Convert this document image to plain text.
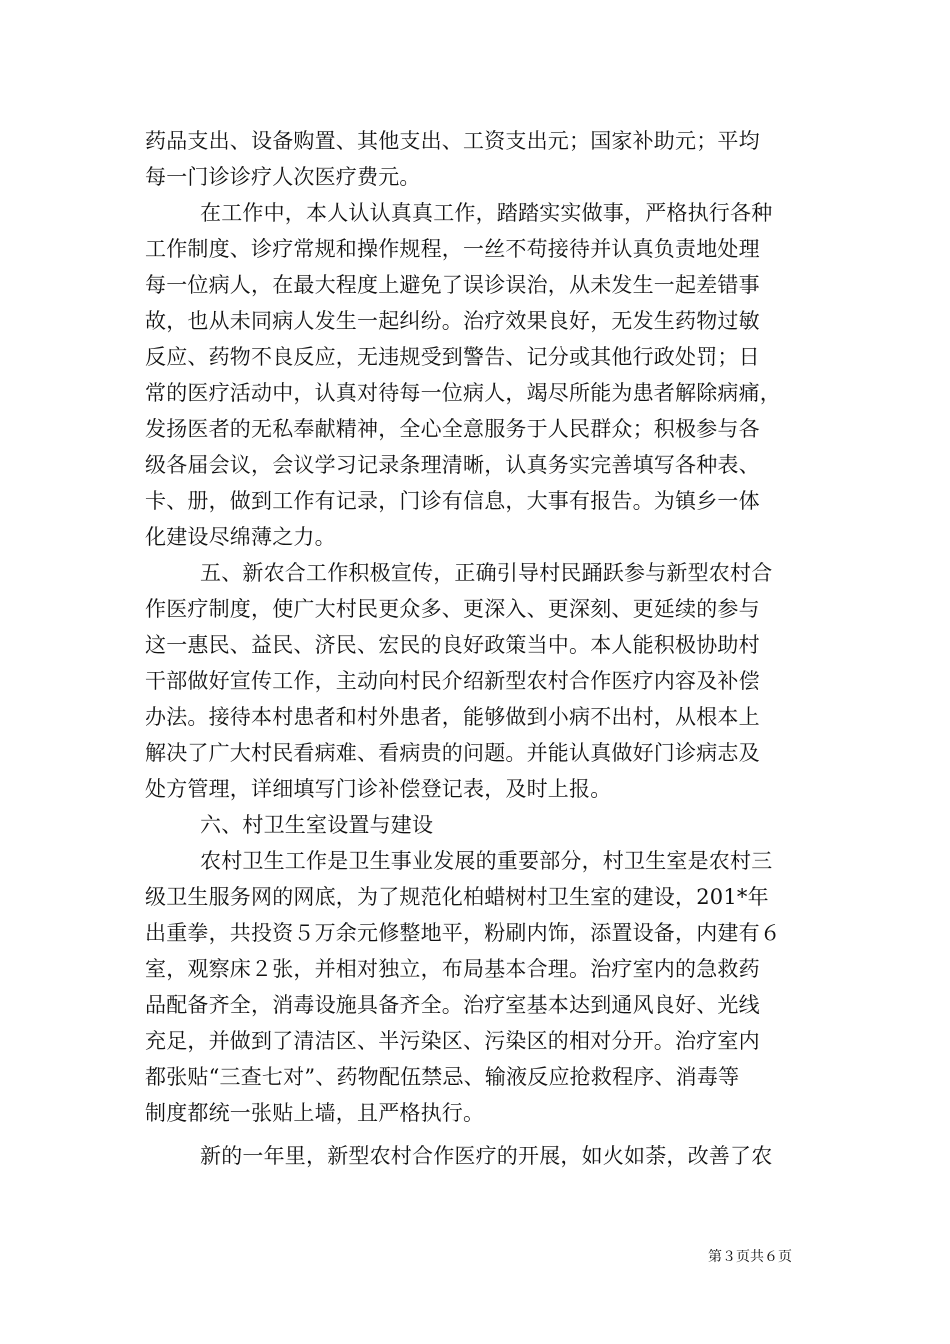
药品支出、设备购置、其他支出、工资支出元；国家补助元；平均
每一门诊诊疗人次医疗费元。
在工作中，本人认认真真工作，踏踏实实做事，严格执行各种
工作制度、诊疗常规和操作规程，一丝不苟接待并认真负责地处理
每一位病人，在最大程度上避免了误诊误治，从未发生一起差错事
故，也从未同病人发生一起纠纷。治疗效果良好，无发生药物过敏
反应、药物不良反应，无违规受到警告、记分或其他行政处罚；日
常的医疗活动中，认真对待每一位病人，竭尽所能为患者解除病痛，
发扬医者的无私奉献精神，全心全意服务于人民群众；积极参与各
级各届会议，会议学习记录条理清晰，认真务实完善填写各种表、
卡、册，做到工作有记录，门诊有信息，大事有报告。为镇乡一体
化建设尽绵薄之力。
五、新农合工作积极宣传，正确引导村民踊跃参与新型农村合
作医疗制度，使广大村民更众多、更深入、更深刻、更延续的参与
这一惠民、益民、济民、宏民的良好政策当中。本人能积极协助村
干部做好宣传工作，主动向村民介绍新型农村合作医疗内容及补偿
办法。接待本村患者和村外患者，能够做到小病不出村，从根本上
解决了广大村民看病难、看病贵的问题。并能认真做好门诊病志及
处方管理，详细填写门诊补偿登记表，及时上报。
六、村卫生室设置与建设
农村卫生工作是卫生事业发展的重要部分，村卫生室是农村三
级卫生服务网的网底，为了规范化柏蜡树村卫生室的建设，201*年
出重拳，共投资５万余元修整地平，粉刷内饰，添置设备，内建有６
室，观察床２张，并相对独立，布局基本合理。治疗室内的急救药
品配备齐全，消毒设施具备齐全。治疗室基本达到通风良好、光线
充足，并做到了清洁区、半污染区、污染区的相对分开。治疗室内
都张贴“三查七对”、药物配伍禁忌、输液反应抢救程序、消毒等
制度都统一张贴上墙，且严格执行。
新的一年里，新型农村合作医疗的开展，如火如荼，改善了农
第３页共６页
